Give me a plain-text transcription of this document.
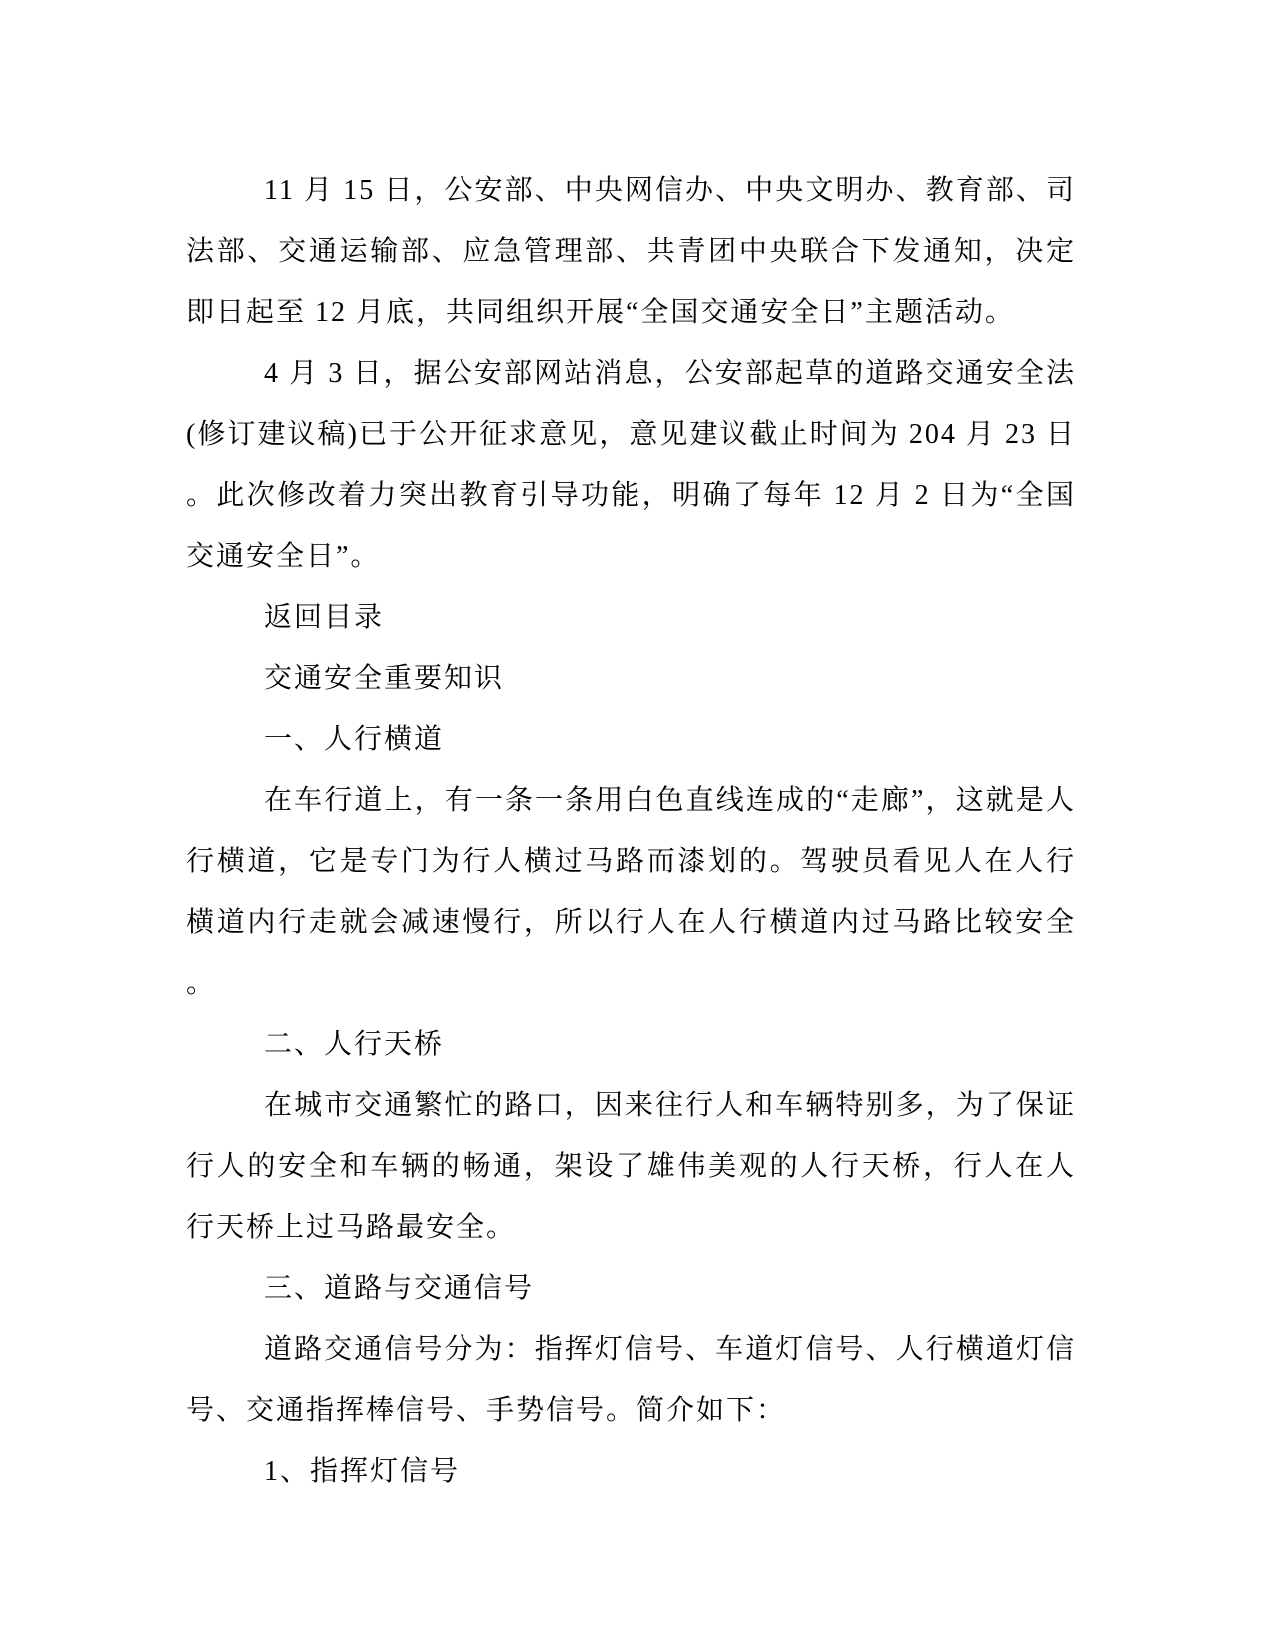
11 月 15 日，公安部、中央网信办、中央文明办、教育部、司法部、交通运输部、应急管理部、共青团中央联合下发通知，决定即日起至 12 月底，共同组织开展“全国交通安全日”主题活动。

4 月 3 日，据公安部网站消息，公安部起草的道路交通安全法(修订建议稿)已于公开征求意见，意见建议截止时间为 204 月 23 日。此次修改着力突出教育引导功能，明确了每年 12 月 2 日为“全国交通安全日”。

返回目录

交通安全重要知识

一、人行横道

在车行道上，有一条一条用白色直线连成的“走廊”，这就是人行横道，它是专门为行人横过马路而漆划的。驾驶员看见人在人行横道内行走就会减速慢行，所以行人在人行横道内过马路比较安全。

二、人行天桥

在城市交通繁忙的路口，因来往行人和车辆特别多，为了保证行人的安全和车辆的畅通，架设了雄伟美观的人行天桥，行人在人行天桥上过马路最安全。

三、道路与交通信号

道路交通信号分为：指挥灯信号、车道灯信号、人行横道灯信号、交通指挥棒信号、手势信号。简介如下：

1、指挥灯信号
